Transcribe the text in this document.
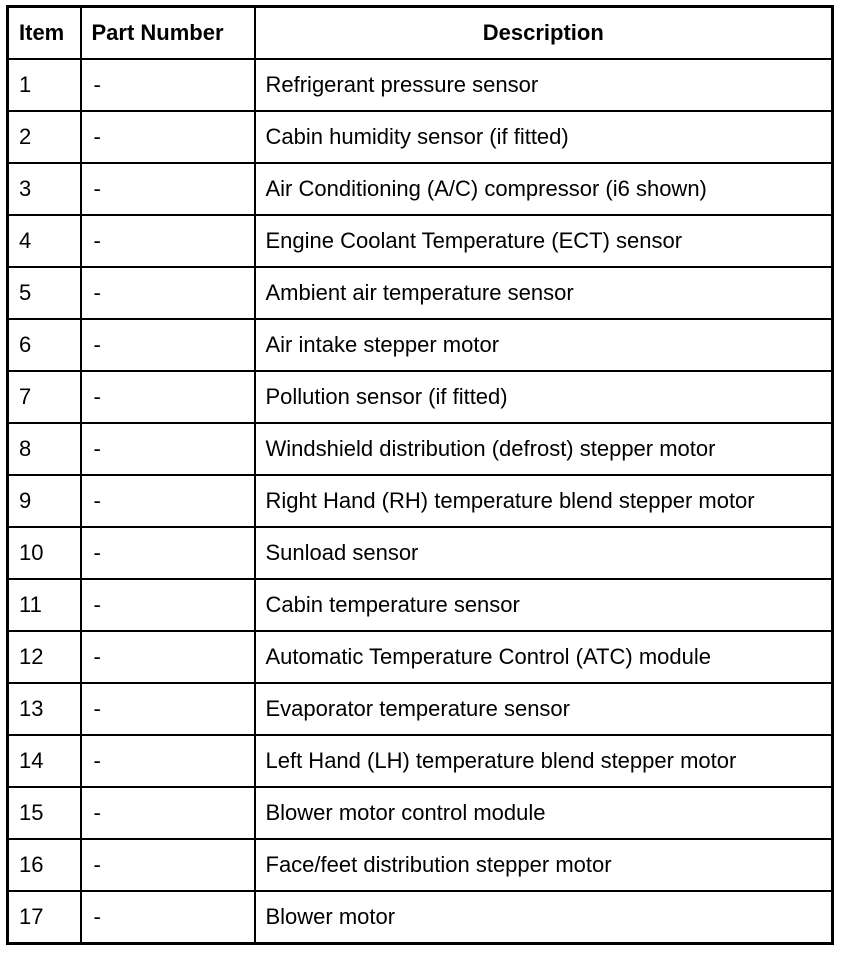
Item	Part Number	Description
1	-	Refrigerant pressure sensor
2	-	Cabin humidity sensor (if fitted)
3	-	Air Conditioning (A/C) compressor (i6 shown)
4	-	Engine Coolant Temperature (ECT) sensor
5	-	Ambient air temperature sensor
6	-	Air intake stepper motor
7	-	Pollution sensor (if fitted)
8	-	Windshield distribution (defrost) stepper motor
9	-	Right Hand (RH) temperature blend stepper motor
10	-	Sunload sensor
11	-	Cabin temperature sensor
12	-	Automatic Temperature Control (ATC) module
13	-	Evaporator temperature sensor
14	-	Left Hand (LH) temperature blend stepper motor
15	-	Blower motor control module
16	-	Face/feet distribution stepper motor
17	-	Blower motor
